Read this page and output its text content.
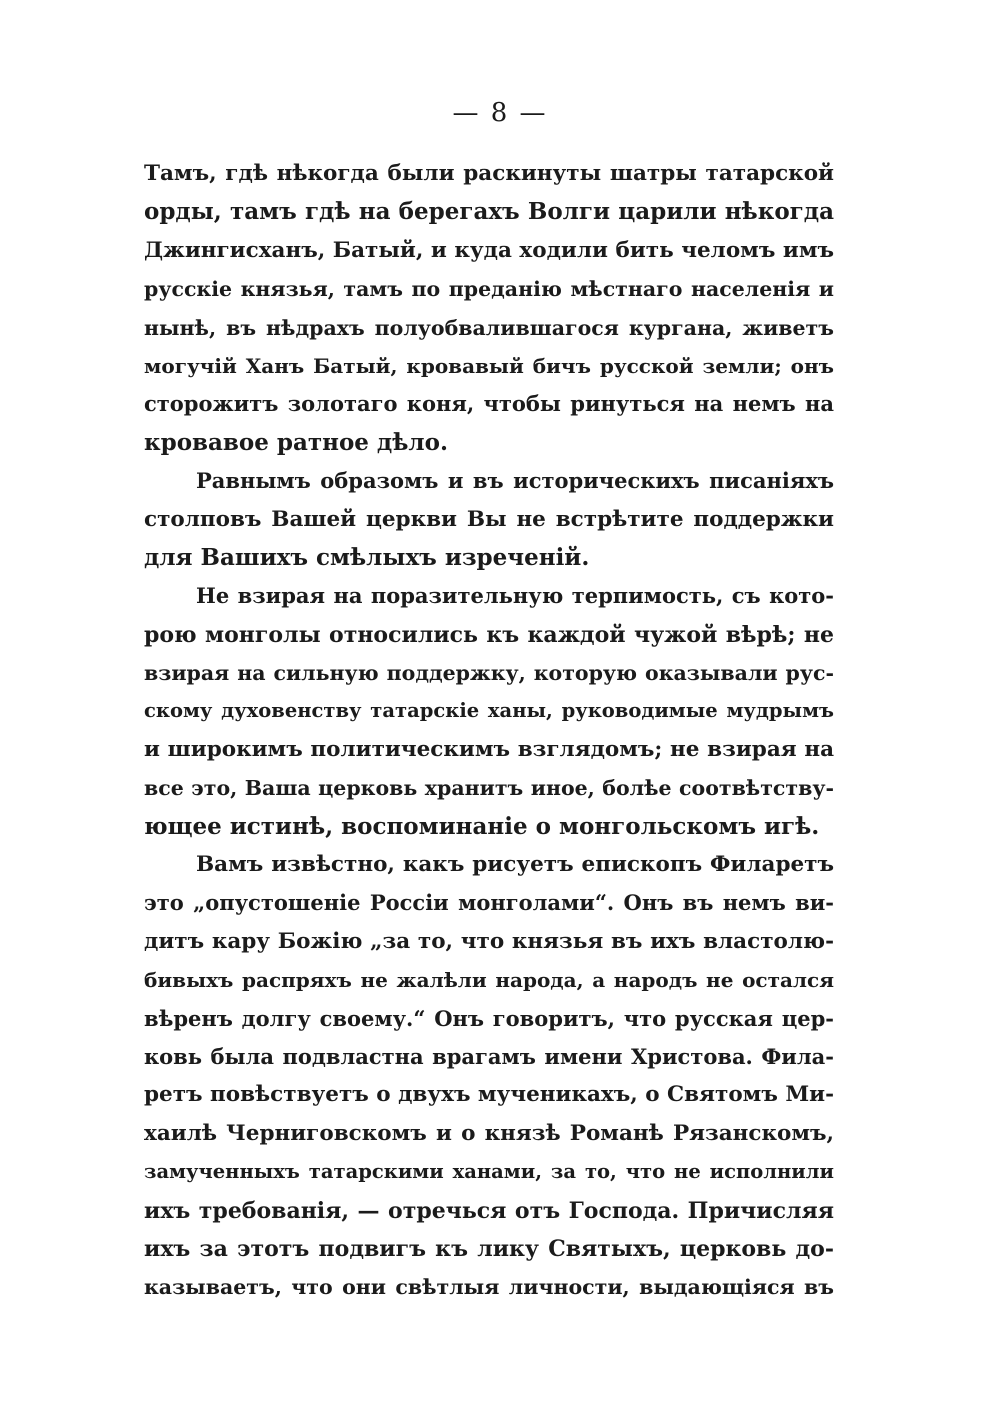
— 8 —
Тамъ, гдѣ нѣкогда были раскинуты шатры татарской
орды, тамъ гдѣ на берегахъ Волги царили нѣкогда
Джингисханъ, Батый, и куда ходили бить челомъ имъ
русскіе князья, тамъ по преданію мѣстнаго населенія и
нынѣ, въ нѣдрахъ полуобвалившагося кургана, живетъ
могучій Ханъ Батый, кровавый бичъ русской земли; онъ
сторожитъ золотаго коня, чтобы ринуться на немъ на
кровавое ратное дѣло.
Равнымъ образомъ и въ историческихъ писаніяхъ
столповъ Вашей церкви Вы не встрѣтите поддержки
для Вашихъ смѣлыхъ изреченій.
Не взирая на поразительную терпимость, съ кото-
рою монголы относились къ каждой чужой вѣрѣ; не
взирая на сильную поддержку, которую оказывали рус-
скому духовенству татарскіе ханы, руководимые мудрымъ
и широкимъ политическимъ взглядомъ; не взирая на
все это, Ваша церковь хранитъ иное, болѣе соотвѣтству-
ющее истинѣ, воспоминаніе о монгольскомъ игѣ.
Вамъ извѣстно, какъ рисуетъ епископъ Филаретъ
это „опустошеніе Россіи монголами“. Онъ въ немъ ви-
дитъ кару Божію „за то, что князья въ ихъ властолю-
бивыхъ распряхъ не жалѣли народа, а народъ не остался
вѣренъ долгу своему.“ Онъ говоритъ, что русская цер-
ковь была подвластна врагамъ имени Христова. Фила-
ретъ повѣствуетъ о двухъ мученикахъ, о Святомъ Ми-
хаилѣ Черниговскомъ и о князѣ Романѣ Рязанскомъ,
замученныхъ татарскими ханами, за то, что не исполнили
ихъ требованія, — отречься отъ Господа. Причисляя
ихъ за этотъ подвигъ къ лику Святыхъ, церковь до-
казываетъ, что они свѣтлыя личности, выдающіяся въ
